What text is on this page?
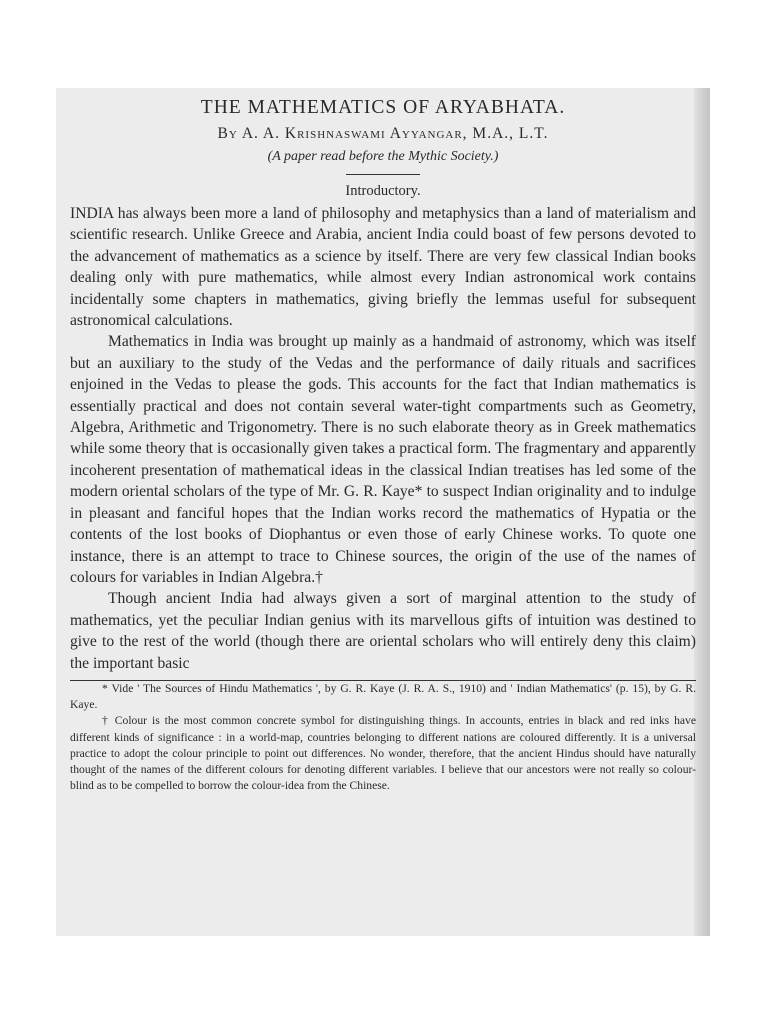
THE MATHEMATICS OF ARYABHATA.

By A. A. Krishnaswami Ayyangar, M.A., L.T.

(A paper read before the Mythic Society.)

Introductory.

INDIA has always been more a land of philosophy and metaphysics than a land of materialism and scientific research. Unlike Greece and Arabia, ancient India could boast of few persons devoted to the advancement of mathematics as a science by itself. There are very few classical Indian books dealing only with pure mathematics, while almost every Indian astronomical work contains incidentally some chapters in mathematics, giving briefly the lemmas useful for subsequent astronomical calculations.

Mathematics in India was brought up mainly as a handmaid of astronomy, which was itself but an auxiliary to the study of the Vedas and the performance of daily rituals and sacrifices enjoined in the Vedas to please the gods. This accounts for the fact that Indian mathematics is essentially practical and does not contain several water-tight compartments such as Geometry, Algebra, Arithmetic and Trigonometry. There is no such elaborate theory as in Greek mathematics while some theory that is occasionally given takes a practical form. The fragmentary and apparently incoherent presentation of mathematical ideas in the classical Indian treatises has led some of the modern oriental scholars of the type of Mr. G. R. Kaye* to suspect Indian originality and to indulge in pleasant and fanciful hopes that the Indian works record the mathematics of Hypatia or the contents of the lost books of Diophantus or even those of early Chinese works. To quote one instance, there is an attempt to trace to Chinese sources, the origin of the use of the names of colours for variables in Indian Algebra.†

Though ancient India had always given a sort of marginal attention to the study of mathematics, yet the peculiar Indian genius with its marvellous gifts of intuition was destined to give to the rest of the world (though there are oriental scholars who will entirely deny this claim) the important basic

* Vide ' The Sources of Hindu Mathematics ', by G. R. Kaye (J. R. A. S., 1910) and ' Indian Mathematics' (p. 15), by G. R. Kaye.

† Colour is the most common concrete symbol for distinguishing things. In accounts, entries in black and red inks have different kinds of significance : in a world-map, countries belonging to different nations are coloured differently. It is a universal practice to adopt the colour principle to point out differences. No wonder, therefore, that the ancient Hindus should have naturally thought of the names of the different colours for denoting different variables. I believe that our ancestors were not really so colour-blind as to be compelled to borrow the colour-idea from the Chinese.
